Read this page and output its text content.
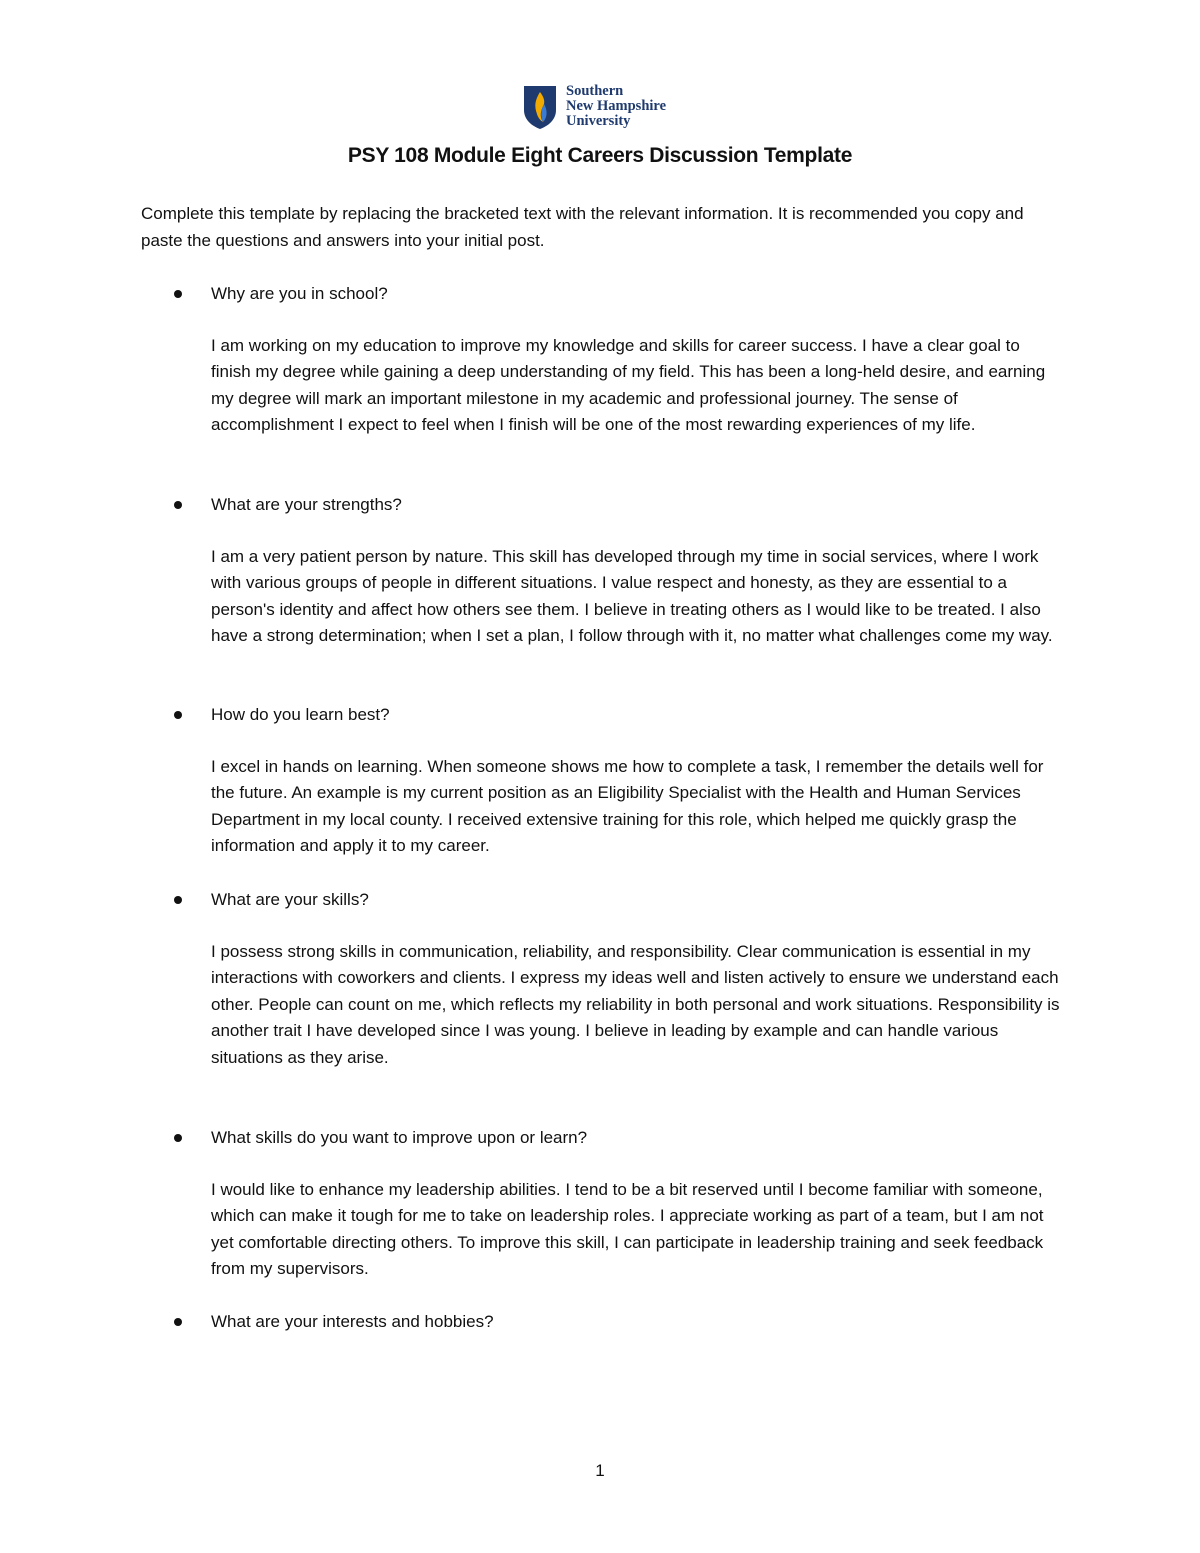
Southern
New Hampshire
University
PSY 108 Module Eight Careers Discussion Template

Complete this template by replacing the bracketed text with the relevant information. It is recommended you copy and paste the questions and answers into your initial post.

Why are you in school?

I am working on my education to improve my knowledge and skills for career success. I have a clear goal to finish my degree while gaining a deep understanding of my field. This has been a long-held desire, and earning my degree will mark an important milestone in my academic and professional journey. The sense of accomplishment I expect to feel when I finish will be one of the most rewarding experiences of my life.

What are your strengths?

I am a very patient person by nature. This skill has developed through my time in social services, where I work with various groups of people in different situations. I value respect and honesty, as they are essential to a person's identity and affect how others see them. I believe in treating others as I would like to be treated. I also have a strong determination; when I set a plan, I follow through with it, no matter what challenges come my way.

How do you learn best?

I excel in hands on learning. When someone shows me how to complete a task, I remember the details well for the future. An example is my current position as an Eligibility Specialist with the Health and Human Services Department in my local county. I received extensive training for this role, which helped me quickly grasp the information and apply it to my career.

What are your skills?

I possess strong skills in communication, reliability, and responsibility. Clear communication is essential in my interactions with coworkers and clients. I express my ideas well and listen actively to ensure we understand each other. People can count on me, which reflects my reliability in both personal and work situations. Responsibility is another trait I have developed since I was young. I believe in leading by example and can handle various situations as they arise.

What skills do you want to improve upon or learn?

I would like to enhance my leadership abilities. I tend to be a bit reserved until I become familiar with someone, which can make it tough for me to take on leadership roles. I appreciate working as part of a team, but I am not yet comfortable directing others. To improve this skill, I can participate in leadership training and seek feedback from my supervisors.

What are your interests and hobbies?
1
